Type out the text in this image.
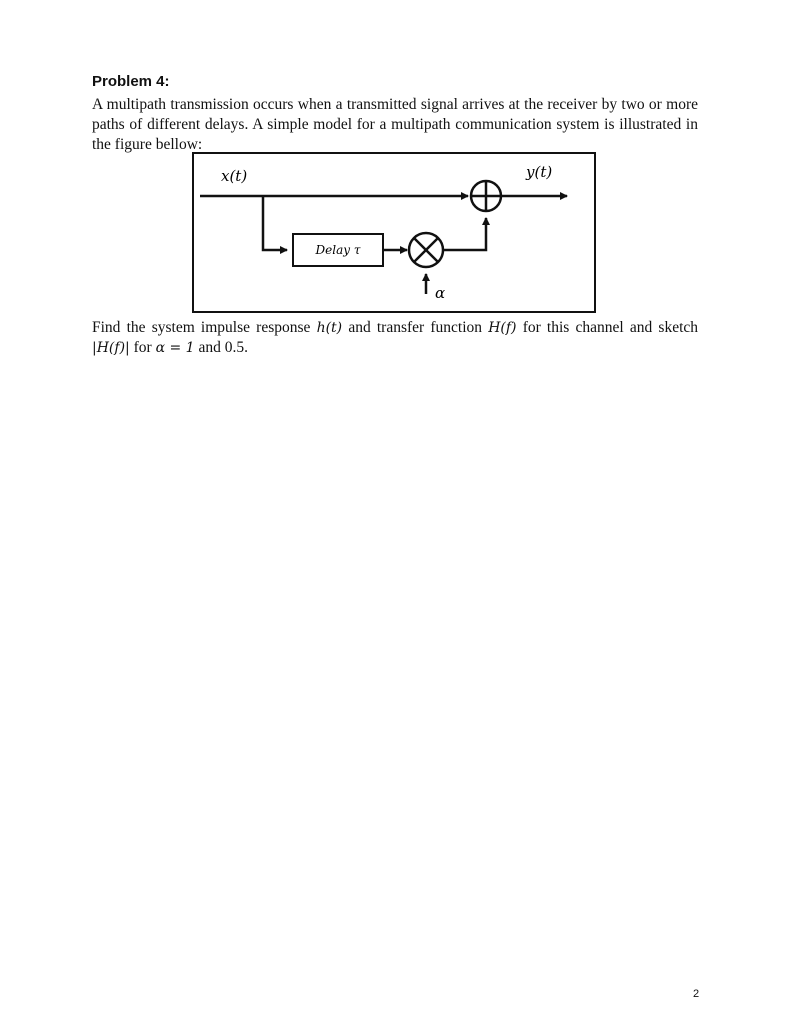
Problem 4:

A multipath transmission occurs when a transmitted signal arrives at the receiver by two or more paths of different delays. A simple model for a multipath communication system is illustrated in the figure bellow:

x(t)	y(t)
Delay τ
α

Find the system impulse response h(t) and transfer function H(f) for this channel and sketch |H(f)| for α = 1 and 0.5.

2
